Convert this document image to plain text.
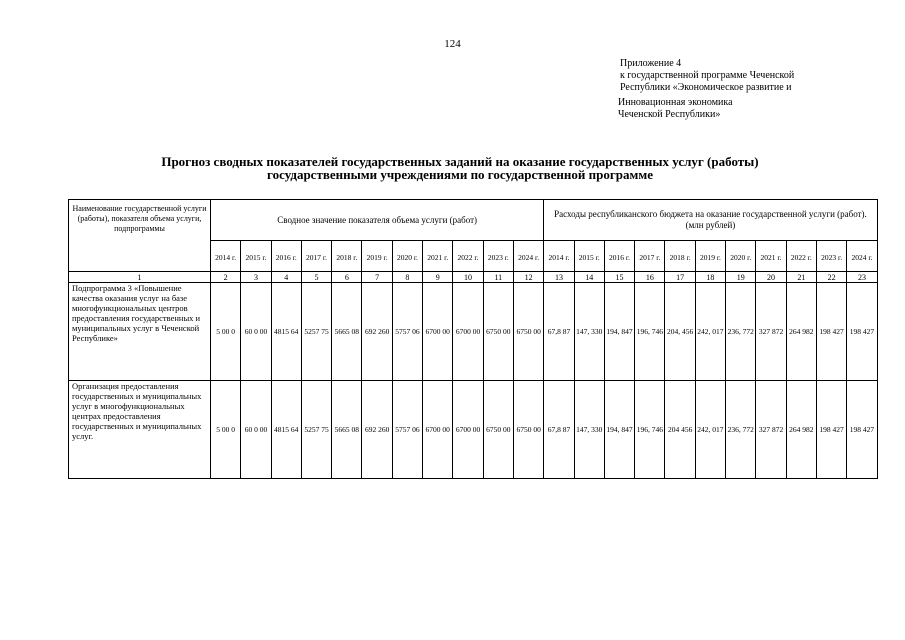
124
Приложение 4
к государственной программе Чеченской
Республики «Экономическое развитие и
Инновационная экономика
Чеченской Республики»
Прогноз сводных показателей государственных заданий на оказание государственных услуг (работы)
государственными учреждениями по государственной программе
Наименование государственной услуги (работы), показателя объема услуги, подпрограммы	Сводное значение показателя объема услуги (работ)											Расходы республиканского бюджета на оказание государственной услуги (работ). (млн рублей)										
	2014 г.	2015 г.	2016 г.	2017 г.	2018 г.	2019 г.	2020 г.	2021 г.	2022 г.	2023 г.	2024 г.	2014 г.	2015 г.	2016 г.	2017 г.	2018 г.	2019 г.	2020 г.	2021 г.	2022 г.	2023 г.	2024 г.
1	2	3	4	5	6	7	8	9	10	11	12	13	14	15	16	17	18	19	20	21	22	23
Подпрограмма 3 «Повышение качества оказания услуг на базе многофункциональных центров предоставления государственных и муниципальных услуг в Чеченской Республике»	5 00 0	60 0 00	4815 64	5257 75	5665 08	692 260	5757 06	6700 00	6700 00	6750 00	6750 00	67,8 87	147, 330	194, 847	196, 746	204, 456	242, 017	236, 772	327 872	264 982	198 427	198 427
Организация предоставления государственных и муниципальных услуг в многофункциональных центрах предоставления государственных и муниципальных услуг.	5 00 0	60 0 00	4815 64	5257 75	5665 08	692 260	5757 06	6700 00	6700 00	6750 00	6750 00	67,8 87	147, 330	194, 847	196, 746	204 456	242, 017	236, 772	327 872	264 982	198 427	198 427
